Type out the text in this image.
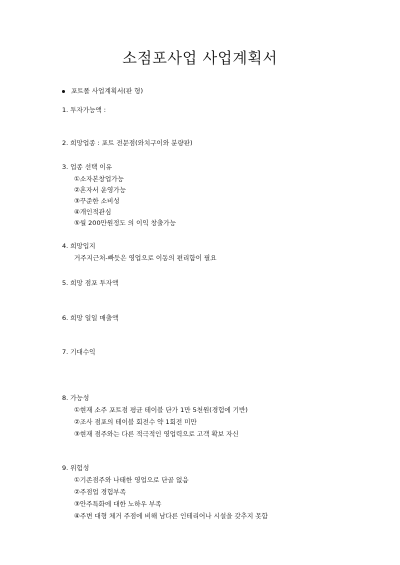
소점포사업 사업계획서
포트폴 사업계획서(판 형)
1. 투자가능액 :
2. 희망업종 : 포트 전문점(와치구이와 분량판)
3. 업종 선택 이유
①소자본창업가능
②혼자서 운영가능
③꾸준한 소비성
④개인적관심
⑤월 200만원정도 의 이익 창출가능
4. 희망입지
거주지근처-빠듯은 영업으로 이동의 편리함이 필요
5. 희망 점포 투자액
6. 희망 일일 매출액
7. 기대수익
8. 가능성
①현재 소주 포트점 평균 테이블 단가 1만 5천원(경험에 기반)
②조사 점포의 테이블 회전수 약 1회전 미만
③현재 점주와는 다른 적극적인 영업력으로 고객 확보 자신
9. 위험성
①기존점주와 나태한 영업으로 단골 없음
②주점업 경험부족
③안주특화에 대한 노하우 부족
④주변 대형 체거 주점에 비해 남다른 인테리어나 시설을 갖추지 못함
